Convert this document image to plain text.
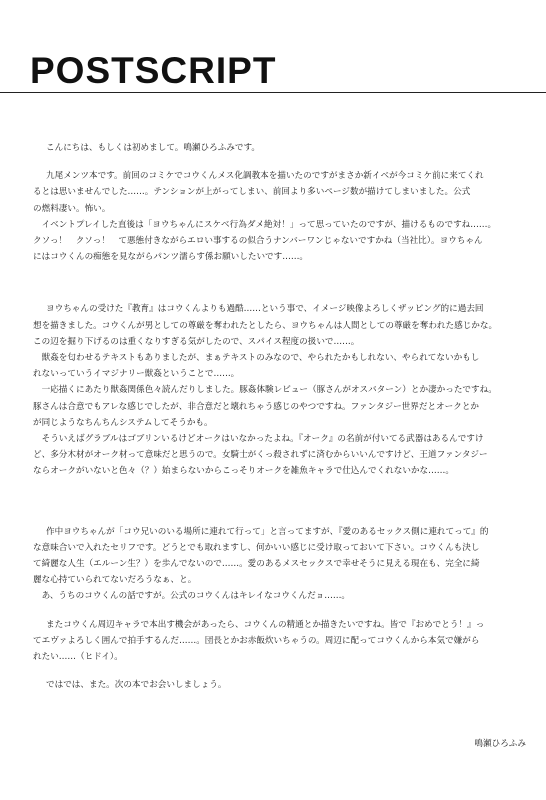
POSTSCRIPT

こんにちは、もしくは初めまして。鳴瀬ひろふみです。

九尾メンツ本です。前回のコミケでコウくんメス化調教本を描いたのですがまさか新イベが今コミケ前に来てくれ

るとは思いませんでした……。テンションが上がってしまい、前回より多いページ数が描けてしまいました。公式

の燃料凄い。怖い。

　イベントプレイした直後は「ヨウちゃんにスケベ行為ダメ絶対！」って思っていたのですが、描けるものですね……。

クソっ！　クソっ！　て悪態付きながらエロい事するの似合うナンバーワンじゃないですかね（当社比）。ヨウちゃん

にはコウくんの痴態を見ながらパンツ濡らす係お願いしたいです……。

ヨウちゃんの受けた『教育』はコウくんよりも過酷……という事で、イメージ映像よろしくザッピング的に過去回

想を描きました。コウくんが男としての尊厳を奪われたとしたら、ヨウちゃんは人間としての尊厳を奪われた感じかな。

この辺を掘り下げるのは重くなりすぎる気がしたので、スパイス程度の扱いで……。

　獣姦を匂わせるテキストもありましたが、まぁテキストのみなので、やられたかもしれない、やられてないかもし

れないっていうイマジナリー獣姦ということで……。

　一応描くにあたり獣姦関係色々読んだりしました。豚姦体験レビュー（豚さんがオスバターン）とか凄かったですね。

豚さんは合意でもアレな感じでしたが、非合意だと壊れちゃう感じのやつですね。ファンタジー世界だとオークとか

が同じようなちんちんシステムしてそうかも。

　そういえばグラブルはゴブリンいるけどオークはいなかったよね。『オーク』の名前が付いてる武器はあるんですけ

ど、多分木材がオーク材って意味だと思うので。女騎士がくっ殺されずに済むからいいんですけど、王道ファンタジー

ならオークがいないと色々（？）始まらないからこっそりオークを雑魚キャラで仕込んでくれないかな……。

作中ヨウちゃんが「コウ兄いのいる場所に連れて行って」と言ってますが、『愛のあるセックス側に連れてって』的

な意味合いで入れたセリフです。どうとでも取れますし、何かいい感じに受け取っておいて下さい。コウくんも決し

て綺麗な人生（エルーン生？）を歩んでないので……。愛のあるメスセックスで幸せそうに見える現在も、完全に綺

麗な心持ていられてないだろうなぁ、と。

　あ、うちのコウくんの話ですが。公式のコウくんはキレイなコウくんだョ……。

またコウくん周辺キャラで本出す機会があったら、コウくんの精通とか描きたいですね。皆で『おめでとう！』っ

てエヴァよろしく囲んで拍手するんだ……。団長とかお赤飯炊いちゃうの。周辺に配ってコウくんから本気で嫌がら

れたい……（ヒドイ）。

ではでは、また。次の本でお会いしましょう。

鳴瀬ひろふみ
